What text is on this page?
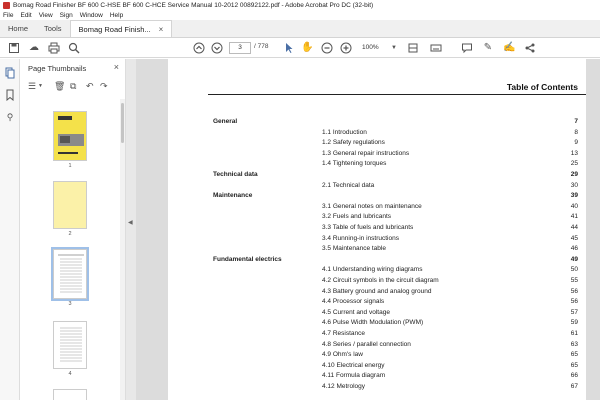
Bomag Road Finisher BF 600 C-HSE BF 600 C-HCE Service Manual 10-2012 00892122.pdf - Adobe Acrobat Pro DC (32-bit)
File Edit View Sign Window Help
Home Tools Bomag Road Finish... ×
☁	3	/ 778	✋	100%	▼	✎ ✍
⚲
Page Thumbnails	×
☰ ▼ 🗑 ⧉ ↶ ↷
1
2
3
4
◀
Table of Contents
General	7
1.1 Introduction	8
1.2 Safety regulations	9
1.3 General repair instructions	13
1.4 Tightening torques	25
Technical data	29
2.1 Technical data	30
Maintenance	39
3.1 General notes on maintenance	40
3.2 Fuels and lubricants	41
3.3 Table of fuels and lubricants	44
3.4 Running-in instructions	45
3.5 Maintenance table	46
Fundamental electrics	49
4.1 Understanding wiring diagrams	50
4.2 Circuit symbols in the circuit diagram	55
4.3 Battery ground and analog ground	56
4.4 Processor signals	56
4.5 Current and voltage	57
4.6 Pulse Width Modulation (PWM)	59
4.7 Resistance	61
4.8 Series / parallel connection	63
4.9 Ohm's law	65
4.10 Electrical energy	65
4.11 Formula diagram	66
4.12 Metrology	67
